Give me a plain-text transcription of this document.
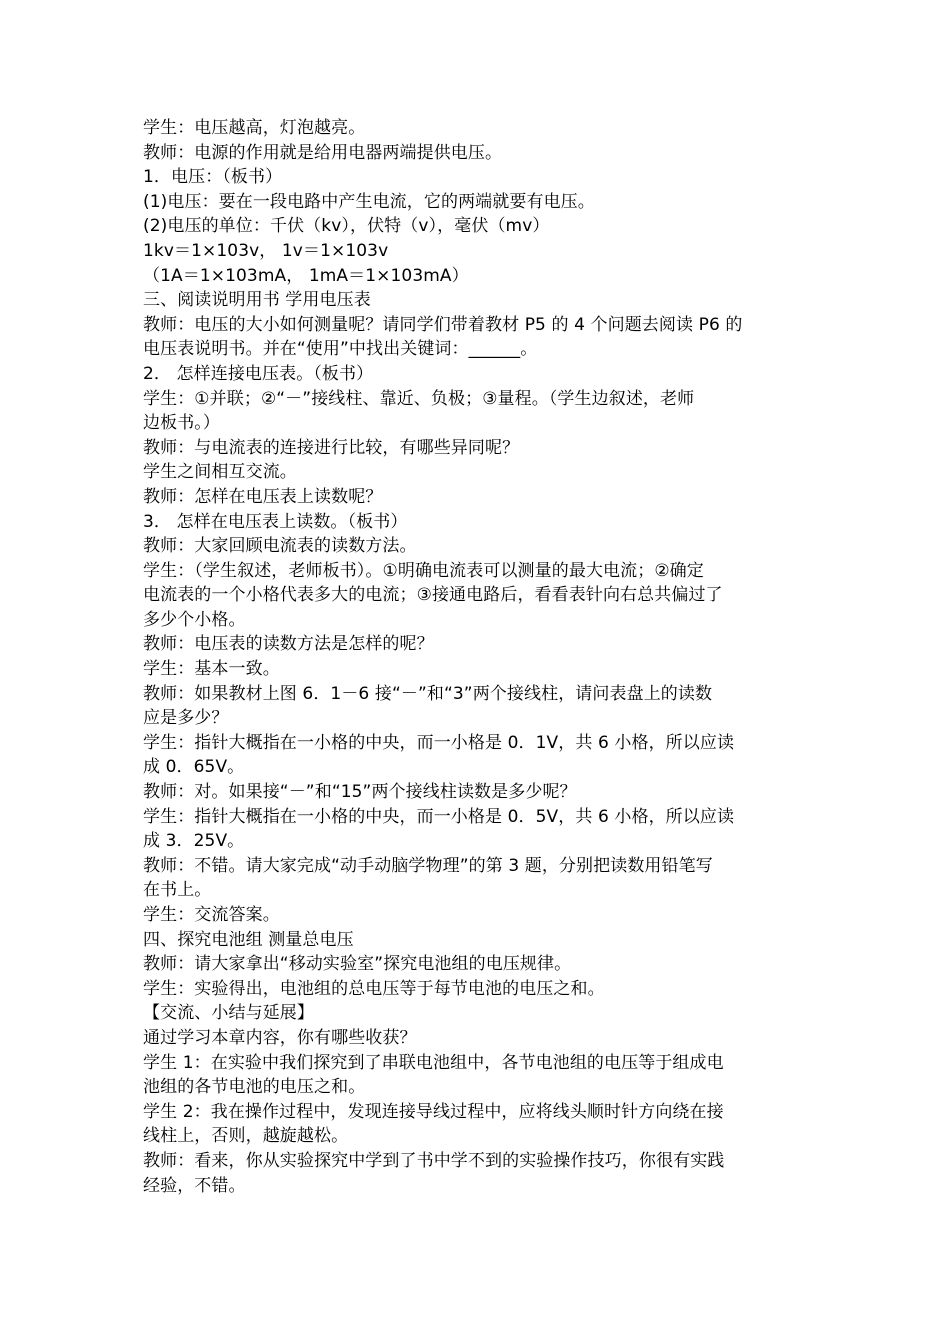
学生：电压越高，灯泡越亮。
教师：电源的作用就是给用电器两端提供电压。
1．电压：（板书）
(1)电压：要在一段电路中产生电流，它的两端就要有电压。
(2)电压的单位：千伏（kv），伏特（v），毫伏（mv）
1kv＝1×103v， 1v＝1×103v
（1A＝1×103mA， 1mA＝1×103mA）
三、阅读说明用书 学用电压表
教师：电压的大小如何测量呢？请同学们带着教材 P5 的 4 个问题去阅读 P6 的
电压表说明书。并在“使用”中找出关键词：______。
2． 怎样连接电压表。（板书）
学生：①并联；②“－”接线柱、靠近、负极；③量程。（学生边叙述，老师
边板书。）
教师：与电流表的连接进行比较，有哪些异同呢？
学生之间相互交流。
教师：怎样在电压表上读数呢？
3． 怎样在电压表上读数。（板书）
教师：大家回顾电流表的读数方法。
学生：（学生叙述，老师板书）。①明确电流表可以测量的最大电流；②确定
电流表的一个小格代表多大的电流；③接通电路后，看看表针向右总共偏过了
多少个小格。
教师：电压表的读数方法是怎样的呢？
学生：基本一致。
教师：如果教材上图 6．1－6 接“－”和“3”两个接线柱，请问表盘上的读数
应是多少？
学生：指针大概指在一小格的中央，而一小格是 0．1V，共 6 小格，所以应读
成 0．65V。
教师：对。如果接“－”和“15”两个接线柱读数是多少呢？
学生：指针大概指在一小格的中央，而一小格是 0．5V，共 6 小格，所以应读
成 3．25V。
教师：不错。请大家完成“动手动脑学物理”的第 3 题，分别把读数用铅笔写
在书上。
学生：交流答案。
四、探究电池组 测量总电压
教师：请大家拿出“移动实验室”探究电池组的电压规律。
学生：实验得出，电池组的总电压等于每节电池的电压之和。
【交流、小结与延展】
通过学习本章内容，你有哪些收获？
学生 1：在实验中我们探究到了串联电池组中，各节电池组的电压等于组成电
池组的各节电池的电压之和。
学生 2：我在操作过程中，发现连接导线过程中，应将线头顺时针方向绕在接
线柱上，否则，越旋越松。
教师：看来，你从实验探究中学到了书中学不到的实验操作技巧，你很有实践
经验，不错。
